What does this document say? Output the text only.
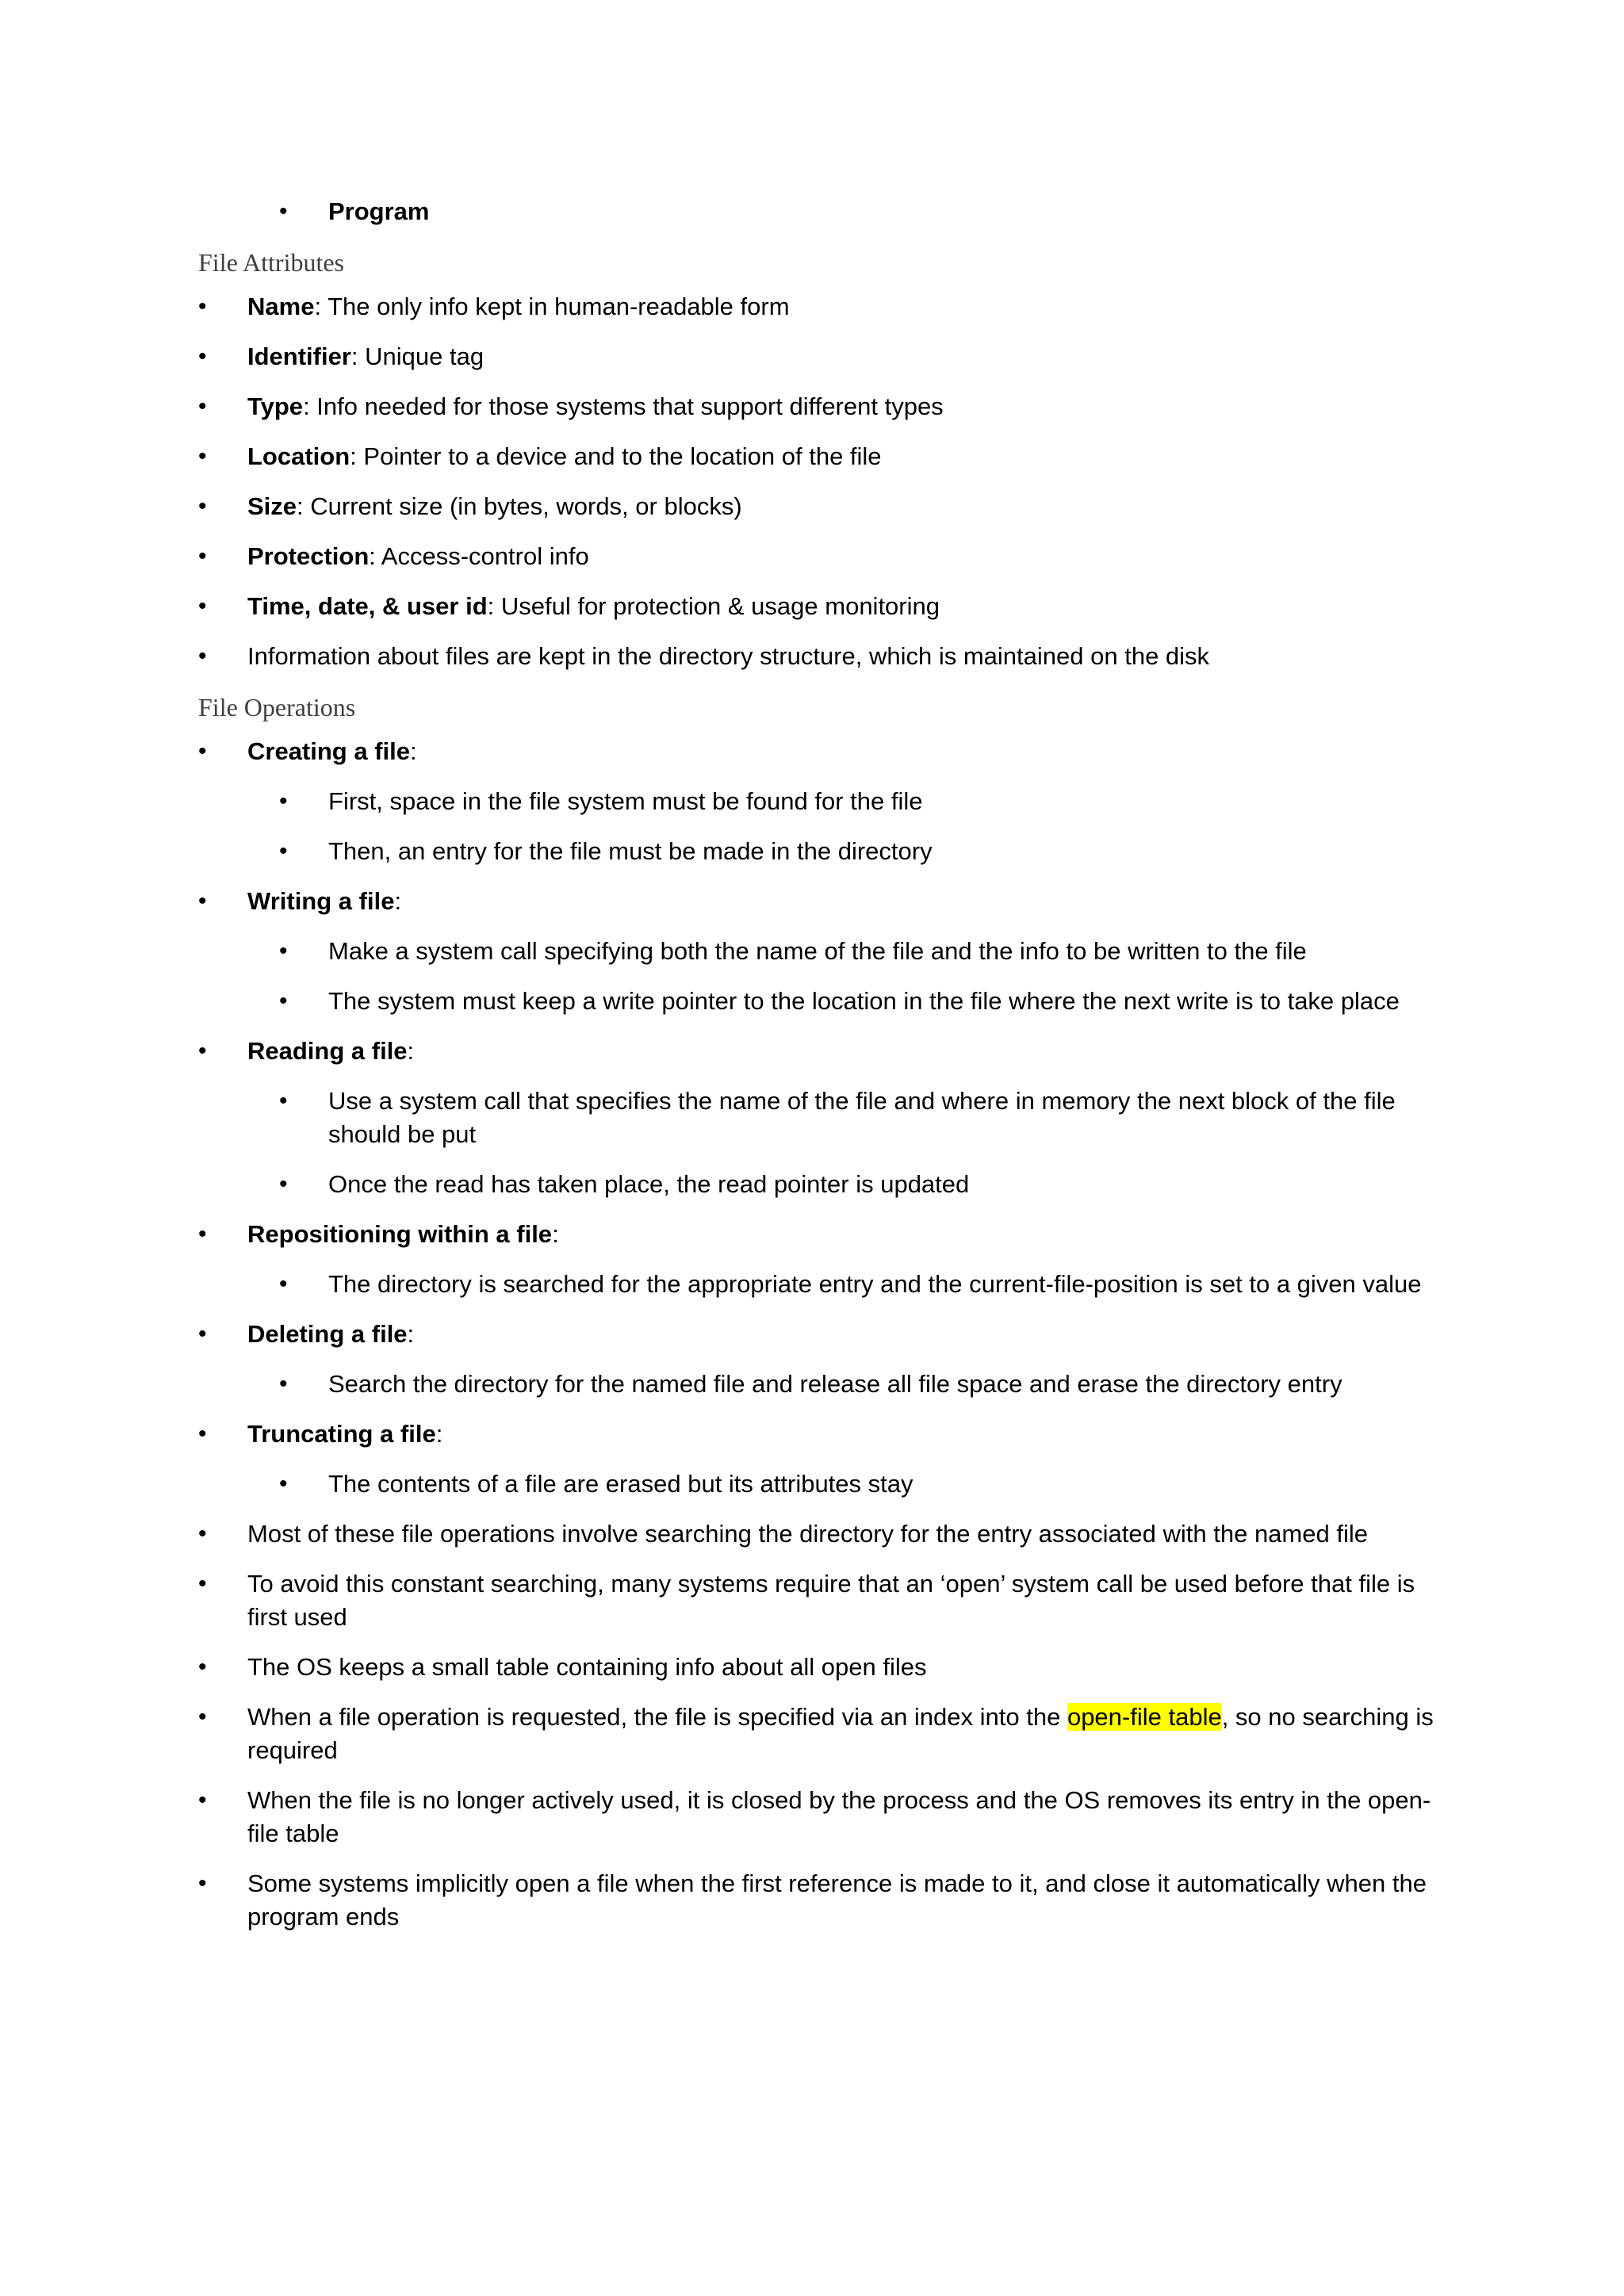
• Program
File Attributes
• Name: The only info kept in human-readable form
• Identifier: Unique tag
• Type: Info needed for those systems that support different types
• Location: Pointer to a device and to the location of the file
• Size: Current size (in bytes, words, or blocks)
• Protection: Access-control info
• Time, date, & user id: Useful for protection & usage monitoring
• Information about files are kept in the directory structure, which is maintained on the disk
File Operations
• Creating a file:
• First, space in the file system must be found for the file
• Then, an entry for the file must be made in the directory
• Writing a file:
• Make a system call specifying both the name of the file and the info to be written to the file
• The system must keep a write pointer to the location in the file where the next write is to take place
• Reading a file:
• Use a system call that specifies the name of the file and where in memory the next block of the file should be put
• Once the read has taken place, the read pointer is updated
• Repositioning within a file:
• The directory is searched for the appropriate entry and the current-file-position is set to a given value
• Deleting a file:
• Search the directory for the named file and release all file space and erase the directory entry
• Truncating a file:
• The contents of a file are erased but its attributes stay
• Most of these file operations involve searching the directory for the entry associated with the named file
• To avoid this constant searching, many systems require that an ‘open’ system call be used before that file is first used
• The OS keeps a small table containing info about all open files
• When a file operation is requested, the file is specified via an index into the open-file table, so no searching is required
• When the file is no longer actively used, it is closed by the process and the OS removes its entry in the open-file table
• Some systems implicitly open a file when the first reference is made to it, and close it automatically when the program ends
